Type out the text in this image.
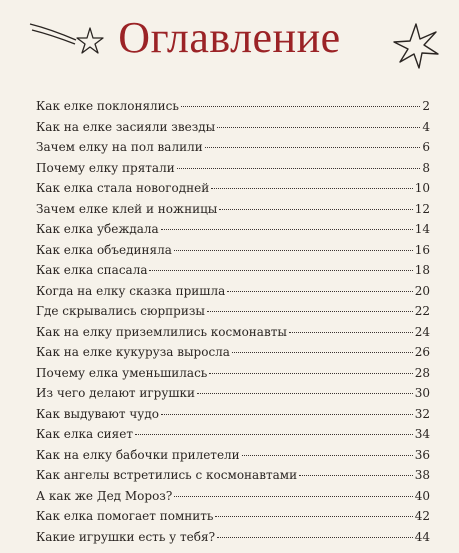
Оглавление
Как елке поклонялись	2
Как на елке засияли звезды	4
Зачем елку на пол валили	6
Почему елку прятали	8
Как елка стала новогодней	10
Зачем елке клей и ножницы	12
Как елка убеждала	14
Как елка объединяла	16
Как елка спасала	18
Когда на елку сказка пришла	20
Где скрывались сюрпризы	22
Как на елку приземлились космонавты	24
Как на елке кукуруза выросла	26
Почему елка уменьшилась	28
Из чего делают игрушки	30
Как выдувают чудо	32
Как елка сияет	34
Как на елку бабочки прилетели	36
Как ангелы встретились с космонавтами	38
А как же Дед Мороз?	40
Как елка помогает помнить	42
Какие игрушки есть у тебя?	44
